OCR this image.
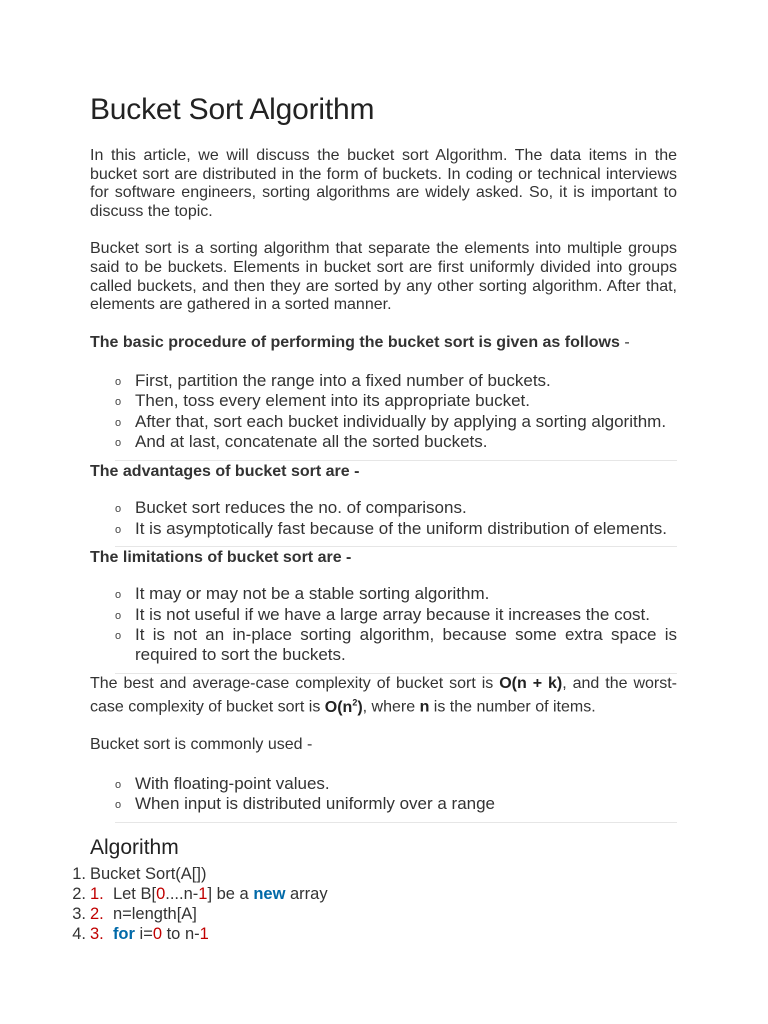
Bucket Sort Algorithm

In this article, we will discuss the bucket sort Algorithm. The data items in the bucket sort are distributed in the form of buckets. In coding or technical interviews for software engineers, sorting algorithms are widely asked. So, it is important to discuss the topic.

Bucket sort is a sorting algorithm that separate the elements into multiple groups said to be buckets. Elements in bucket sort are first uniformly divided into groups called buckets, and then they are sorted by any other sorting algorithm. After that, elements are gathered in a sorted manner.

The basic procedure of performing the bucket sort is given as follows -

o First, partition the range into a fixed number of buckets.
o Then, toss every element into its appropriate bucket.
o After that, sort each bucket individually by applying a sorting algorithm.
o And at last, concatenate all the sorted buckets.

The advantages of bucket sort are -

o Bucket sort reduces the no. of comparisons.
o It is asymptotically fast because of the uniform distribution of elements.

The limitations of bucket sort are -

o It may or may not be a stable sorting algorithm.
o It is not useful if we have a large array because it increases the cost.
o It is not an in-place sorting algorithm, because some extra space is required to sort the buckets.

The best and average-case complexity of bucket sort is O(n + k), and the worst-case complexity of bucket sort is $O(n^2)$, where n is the number of items.

Bucket sort is commonly used -

o With floating-point values.
o When input is distributed uniformly over a range
Algorithm
1. Bucket Sort(A[])
2. 1. Let B[0....n-1] be a new array
3. 2. n=length[A]
4. 3. for i=0 to n-1
